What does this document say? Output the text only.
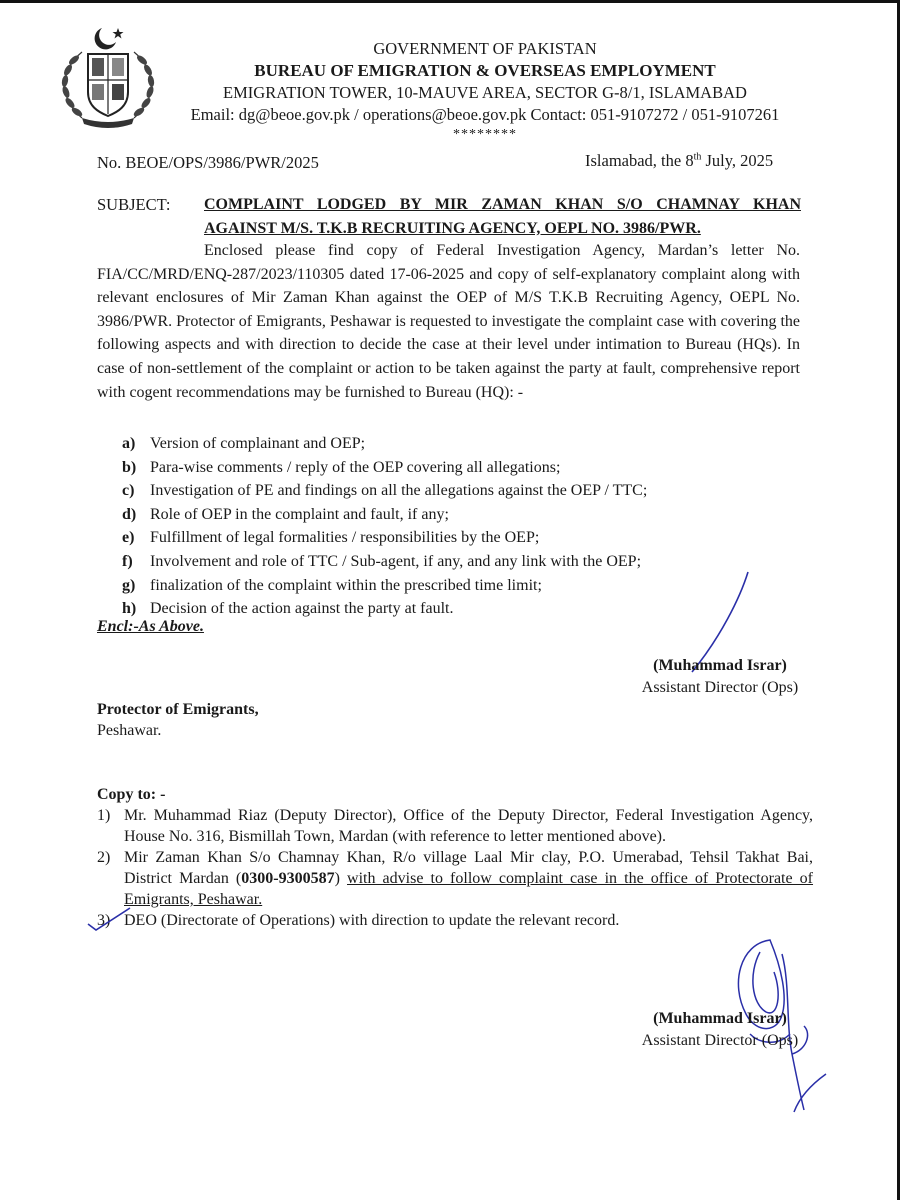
GOVERNMENT OF PAKISTAN
BUREAU OF EMIGRATION & OVERSEAS EMPLOYMENT
EMIGRATION TOWER, 10-MAUVE AREA, SECTOR G-8/1, ISLAMABAD
Email: dg@beoe.gov.pk / operations@beoe.gov.pk Contact: 051-9107272 / 051-9107261
********
No. BEOE/OPS/3986/PWR/2025	Islamabad, the 8th July, 2025
SUBJECT: COMPLAINT LODGED BY MIR ZAMAN KHAN S/O CHAMNAY KHAN
AGAINST M/S. T.K.B RECRUITING AGENCY, OEPL NO. 3986/PWR.
Enclosed please find copy of Federal Investigation Agency, Mardan’s letter No. FIA/CC/MRD/ENQ-287/2023/110305 dated 17-06-2025 and copy of self-explanatory complaint along with relevant enclosures of Mir Zaman Khan against the OEP of M/S T.K.B Recruiting Agency, OEPL No. 3986/PWR. Protector of Emigrants, Peshawar is requested to investigate the complaint case with covering the following aspects and with direction to decide the case at their level under intimation to Bureau (HQs). In case of non-settlement of the complaint or action to be taken against the party at fault, comprehensive report with cogent recommendations may be furnished to Bureau (HQ): -
a) Version of complainant and OEP;
b) Para-wise comments / reply of the OEP covering all allegations;
c) Investigation of PE and findings on all the allegations against the OEP / TTC;
d) Role of OEP in the complaint and fault, if any;
e) Fulfillment of legal formalities / responsibilities by the OEP;
f) Involvement and role of TTC / Sub-agent, if any, and any link with the OEP;
g) finalization of the complaint within the prescribed time limit;
h) Decision of the action against the party at fault.
Encl:-As Above.
(Muhammad Israr)
Assistant Director (Ops)
Protector of Emigrants,
Peshawar.
Copy to: -

1) Mr. Muhammad Riaz (Deputy Director), Office of the Deputy Director, Federal Investigation Agency, House No. 316, Bismillah Town, Mardan (with reference to letter mentioned above).

2) Mir Zaman Khan S/o Chamnay Khan, R/o village Laal Mir clay, P.O. Umerabad, Tehsil Takhat Bai, District Mardan (0300-9300587) with advise to follow complaint case in the office of Protectorate of Emigrants, Peshawar.

3) DEO (Directorate of Operations) with direction to update the relevant record.

(Muhammad Israr)
Assistant Director (Ops)
